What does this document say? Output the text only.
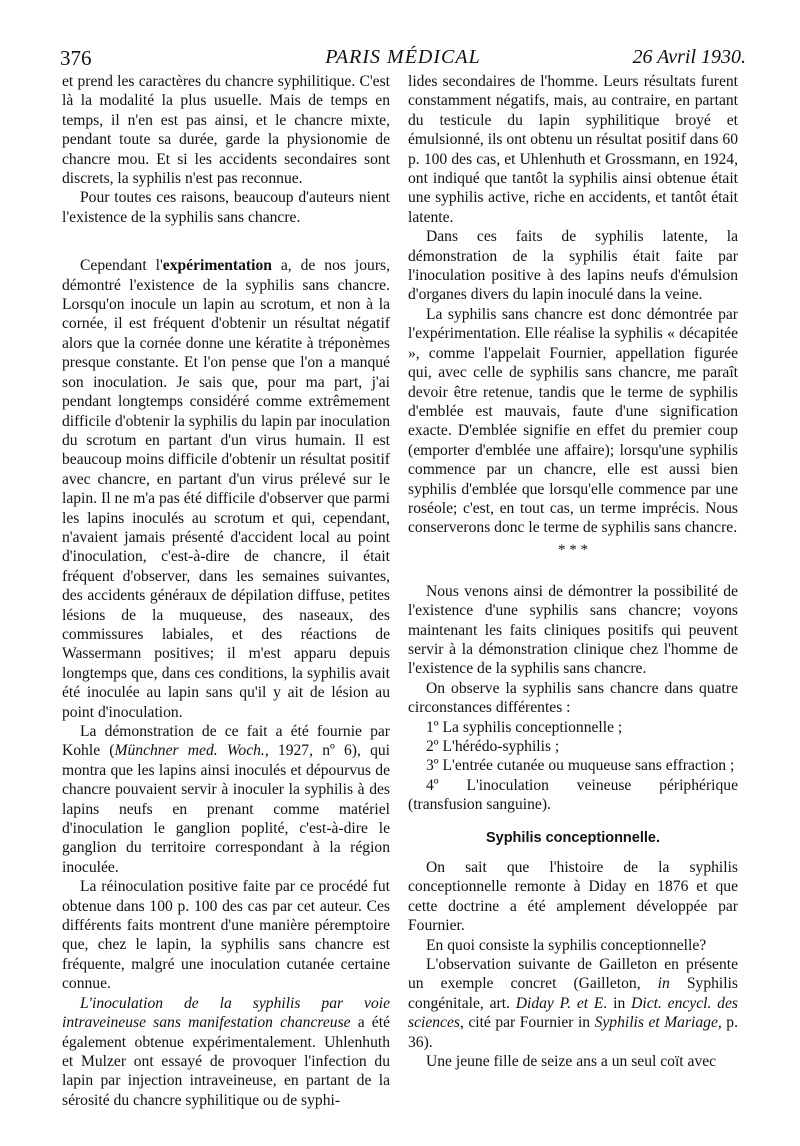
376	PARIS MÉDICAL	26 Avril 1930.

et prend les caractères du chancre syphilitique. C'est là la modalité la plus usuelle. Mais de temps en temps, il n'en est pas ainsi, et le chancre mixte, pendant toute sa durée, garde la physionomie de chancre mou. Et si les accidents secondaires sont discrets, la syphilis n'est pas reconnue.

Pour toutes ces raisons, beaucoup d'auteurs nient l'existence de la syphilis sans chancre.

Cependant l'expérimentation a, de nos jours, démontré l'existence de la syphilis sans chancre. Lorsqu'on inocule un lapin au scrotum, et non à la cornée, il est fréquent d'obtenir un résultat négatif alors que la cornée donne une kératite à tréponèmes presque constante. Et l'on pense que l'on a manqué son inoculation. Je sais que, pour ma part, j'ai pendant longtemps considéré comme extrêmement difficile d'obtenir la syphilis du lapin par inoculation du scrotum en partant d'un virus humain. Il est beaucoup moins difficile d'obtenir un résultat positif avec chancre, en partant d'un virus prélevé sur le lapin. Il ne m'a pas été difficile d'observer que parmi les lapins inoculés au scrotum et qui, cependant, n'avaient jamais présenté d'accident local au point d'inoculation, c'est-à-dire de chancre, il était fréquent d'observer, dans les semaines suivantes, des accidents généraux de dépilation diffuse, petites lésions de la muqueuse, des naseaux, des commissures labiales, et des réactions de Wassermann positives; il m'est apparu depuis longtemps que, dans ces conditions, la syphilis avait été inoculée au lapin sans qu'il y ait de lésion au point d'inoculation.

La démonstration de ce fait a été fournie par Kohle (Münchner med. Woch., 1927, nº 6), qui montra que les lapins ainsi inoculés et dépourvus de chancre pouvaient servir à inoculer la syphilis à des lapins neufs en prenant comme matériel d'inoculation le ganglion poplité, c'est-à-dire le ganglion du territoire correspondant à la région inoculée.

La réinoculation positive faite par ce procédé fut obtenue dans 100 p. 100 des cas par cet auteur. Ces différents faits montrent d'une manière péremptoire que, chez le lapin, la syphilis sans chancre est fréquente, malgré une inoculation cutanée certaine connue.

L'inoculation de la syphilis par voie intraveineuse sans manifestation chancreuse a été également obtenue expérimentalement. Uhlenhuth et Mulzer ont essayé de provoquer l'infection du lapin par injection intraveineuse, en partant de la sérosité du chancre syphilitique ou de syphi-

lides secondaires de l'homme. Leurs résultats furent constamment négatifs, mais, au contraire, en partant du testicule du lapin syphilitique broyé et émulsionné, ils ont obtenu un résultat positif dans 60 p. 100 des cas, et Uhlenhuth et Grossmann, en 1924, ont indiqué que tantôt la syphilis ainsi obtenue était une syphilis active, riche en accidents, et tantôt était latente.

Dans ces faits de syphilis latente, la démonstration de la syphilis était faite par l'inoculation positive à des lapins neufs d'émulsion d'organes divers du lapin inoculé dans la veine.

La syphilis sans chancre est donc démontrée par l'expérimentation. Elle réalise la syphilis « décapitée », comme l'appelait Fournier, appellation figurée qui, avec celle de syphilis sans chancre, me paraît devoir être retenue, tandis que le terme de syphilis d'emblée est mauvais, faute d'une signification exacte. D'emblée signifie en effet du premier coup (emporter d'emblée une affaire); lorsqu'une syphilis commence par un chancre, elle est aussi bien syphilis d'emblée que lorsqu'elle commence par une roséole; c'est, en tout cas, un terme imprécis. Nous conserverons donc le terme de syphilis sans chancre.

* * *

Nous venons ainsi de démontrer la possibilité de l'existence d'une syphilis sans chancre; voyons maintenant les faits cliniques positifs qui peuvent servir à la démonstration clinique chez l'homme de l'existence de la syphilis sans chancre.

On observe la syphilis sans chancre dans quatre circonstances différentes :

1º La syphilis conceptionnelle ;

2º L'hérédo-syphilis ;

3º L'entrée cutanée ou muqueuse sans effraction ;

4º L'inoculation veineuse périphérique (transfusion sanguine).

Syphilis conceptionnelle.

On sait que l'histoire de la syphilis conceptionnelle remonte à Diday en 1876 et que cette doctrine a été amplement développée par Fournier.

En quoi consiste la syphilis conceptionnelle?

L'observation suivante de Gailleton en présente un exemple concret (Gailleton, in Syphilis congénitale, art. Diday P. et E. in Dict. encycl. des sciences, cité par Fournier in Syphilis et Mariage, p. 36).

Une jeune fille de seize ans a un seul coït avec
